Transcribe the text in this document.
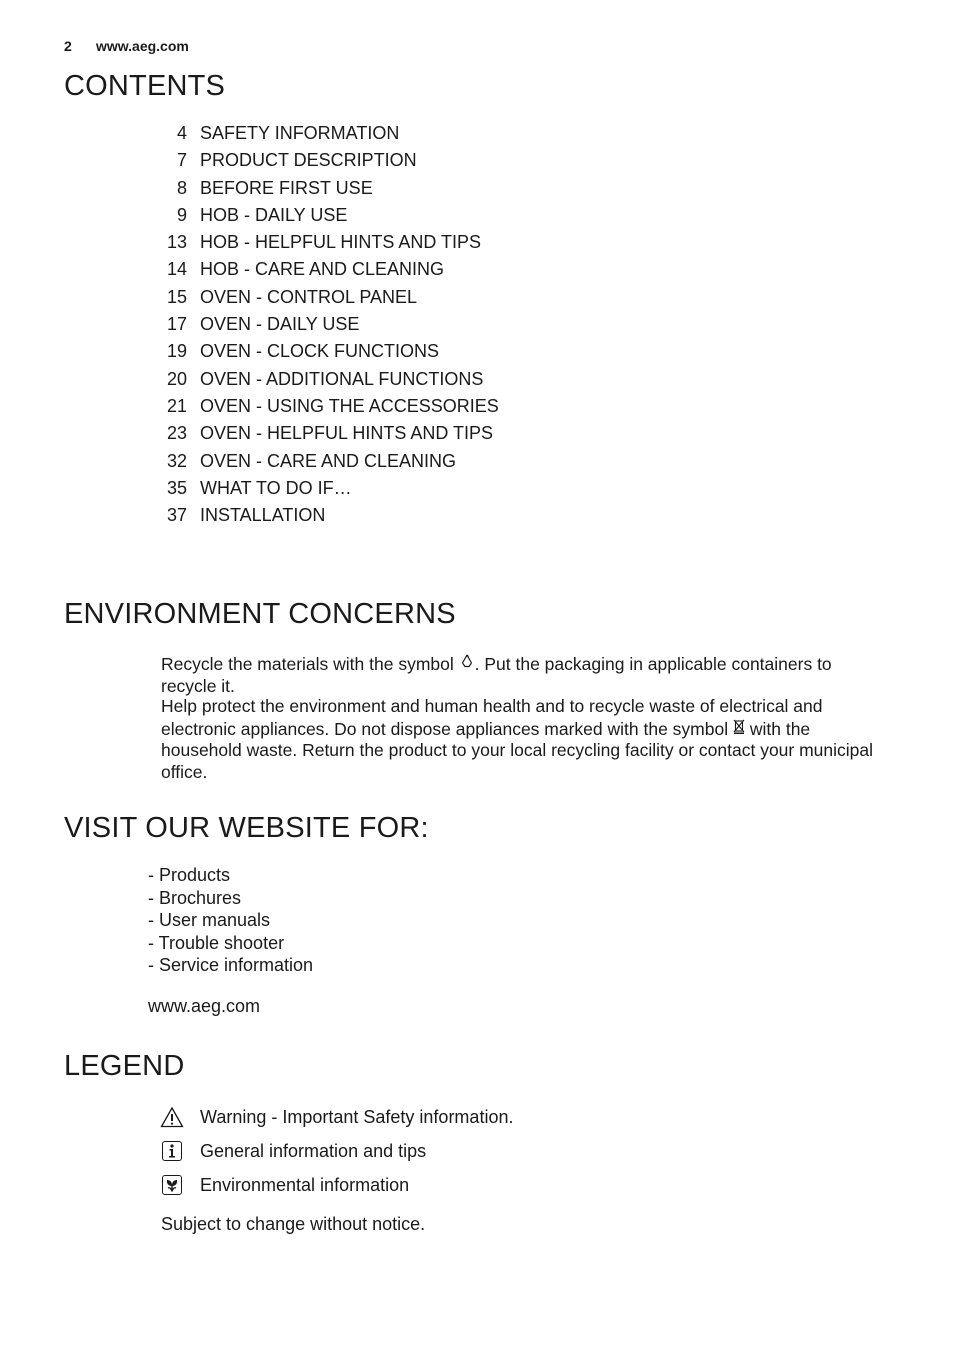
2 www.aeg.com
CONTENTS
4 SAFETY INFORMATION
7 PRODUCT DESCRIPTION
8 BEFORE FIRST USE
9 HOB - DAILY USE
13 HOB - HELPFUL HINTS AND TIPS
14 HOB - CARE AND CLEANING
15 OVEN - CONTROL PANEL
17 OVEN - DAILY USE
19 OVEN - CLOCK FUNCTIONS
20 OVEN - ADDITIONAL FUNCTIONS
21 OVEN - USING THE ACCESSORIES
23 OVEN - HELPFUL HINTS AND TIPS
32 OVEN - CARE AND CLEANING
35 WHAT TO DO IF…
37 INSTALLATION
ENVIRONMENT CONCERNS

Recycle the materials with the symbol . Put the packaging in applicable containers to recycle it.

Help protect the environment and human health and to recycle waste of electrical and electronic appliances. Do not dispose appliances marked with the symbol with the household waste. Return the product to your local recycling facility or contact your municipal office.

VISIT OUR WEBSITE FOR:
- Products
- Brochures
- User manuals
- Trouble shooter
- Service information
www.aeg.com
LEGEND
Warning - Important Safety information.
General information and tips
Environmental information
Subject to change without notice.
